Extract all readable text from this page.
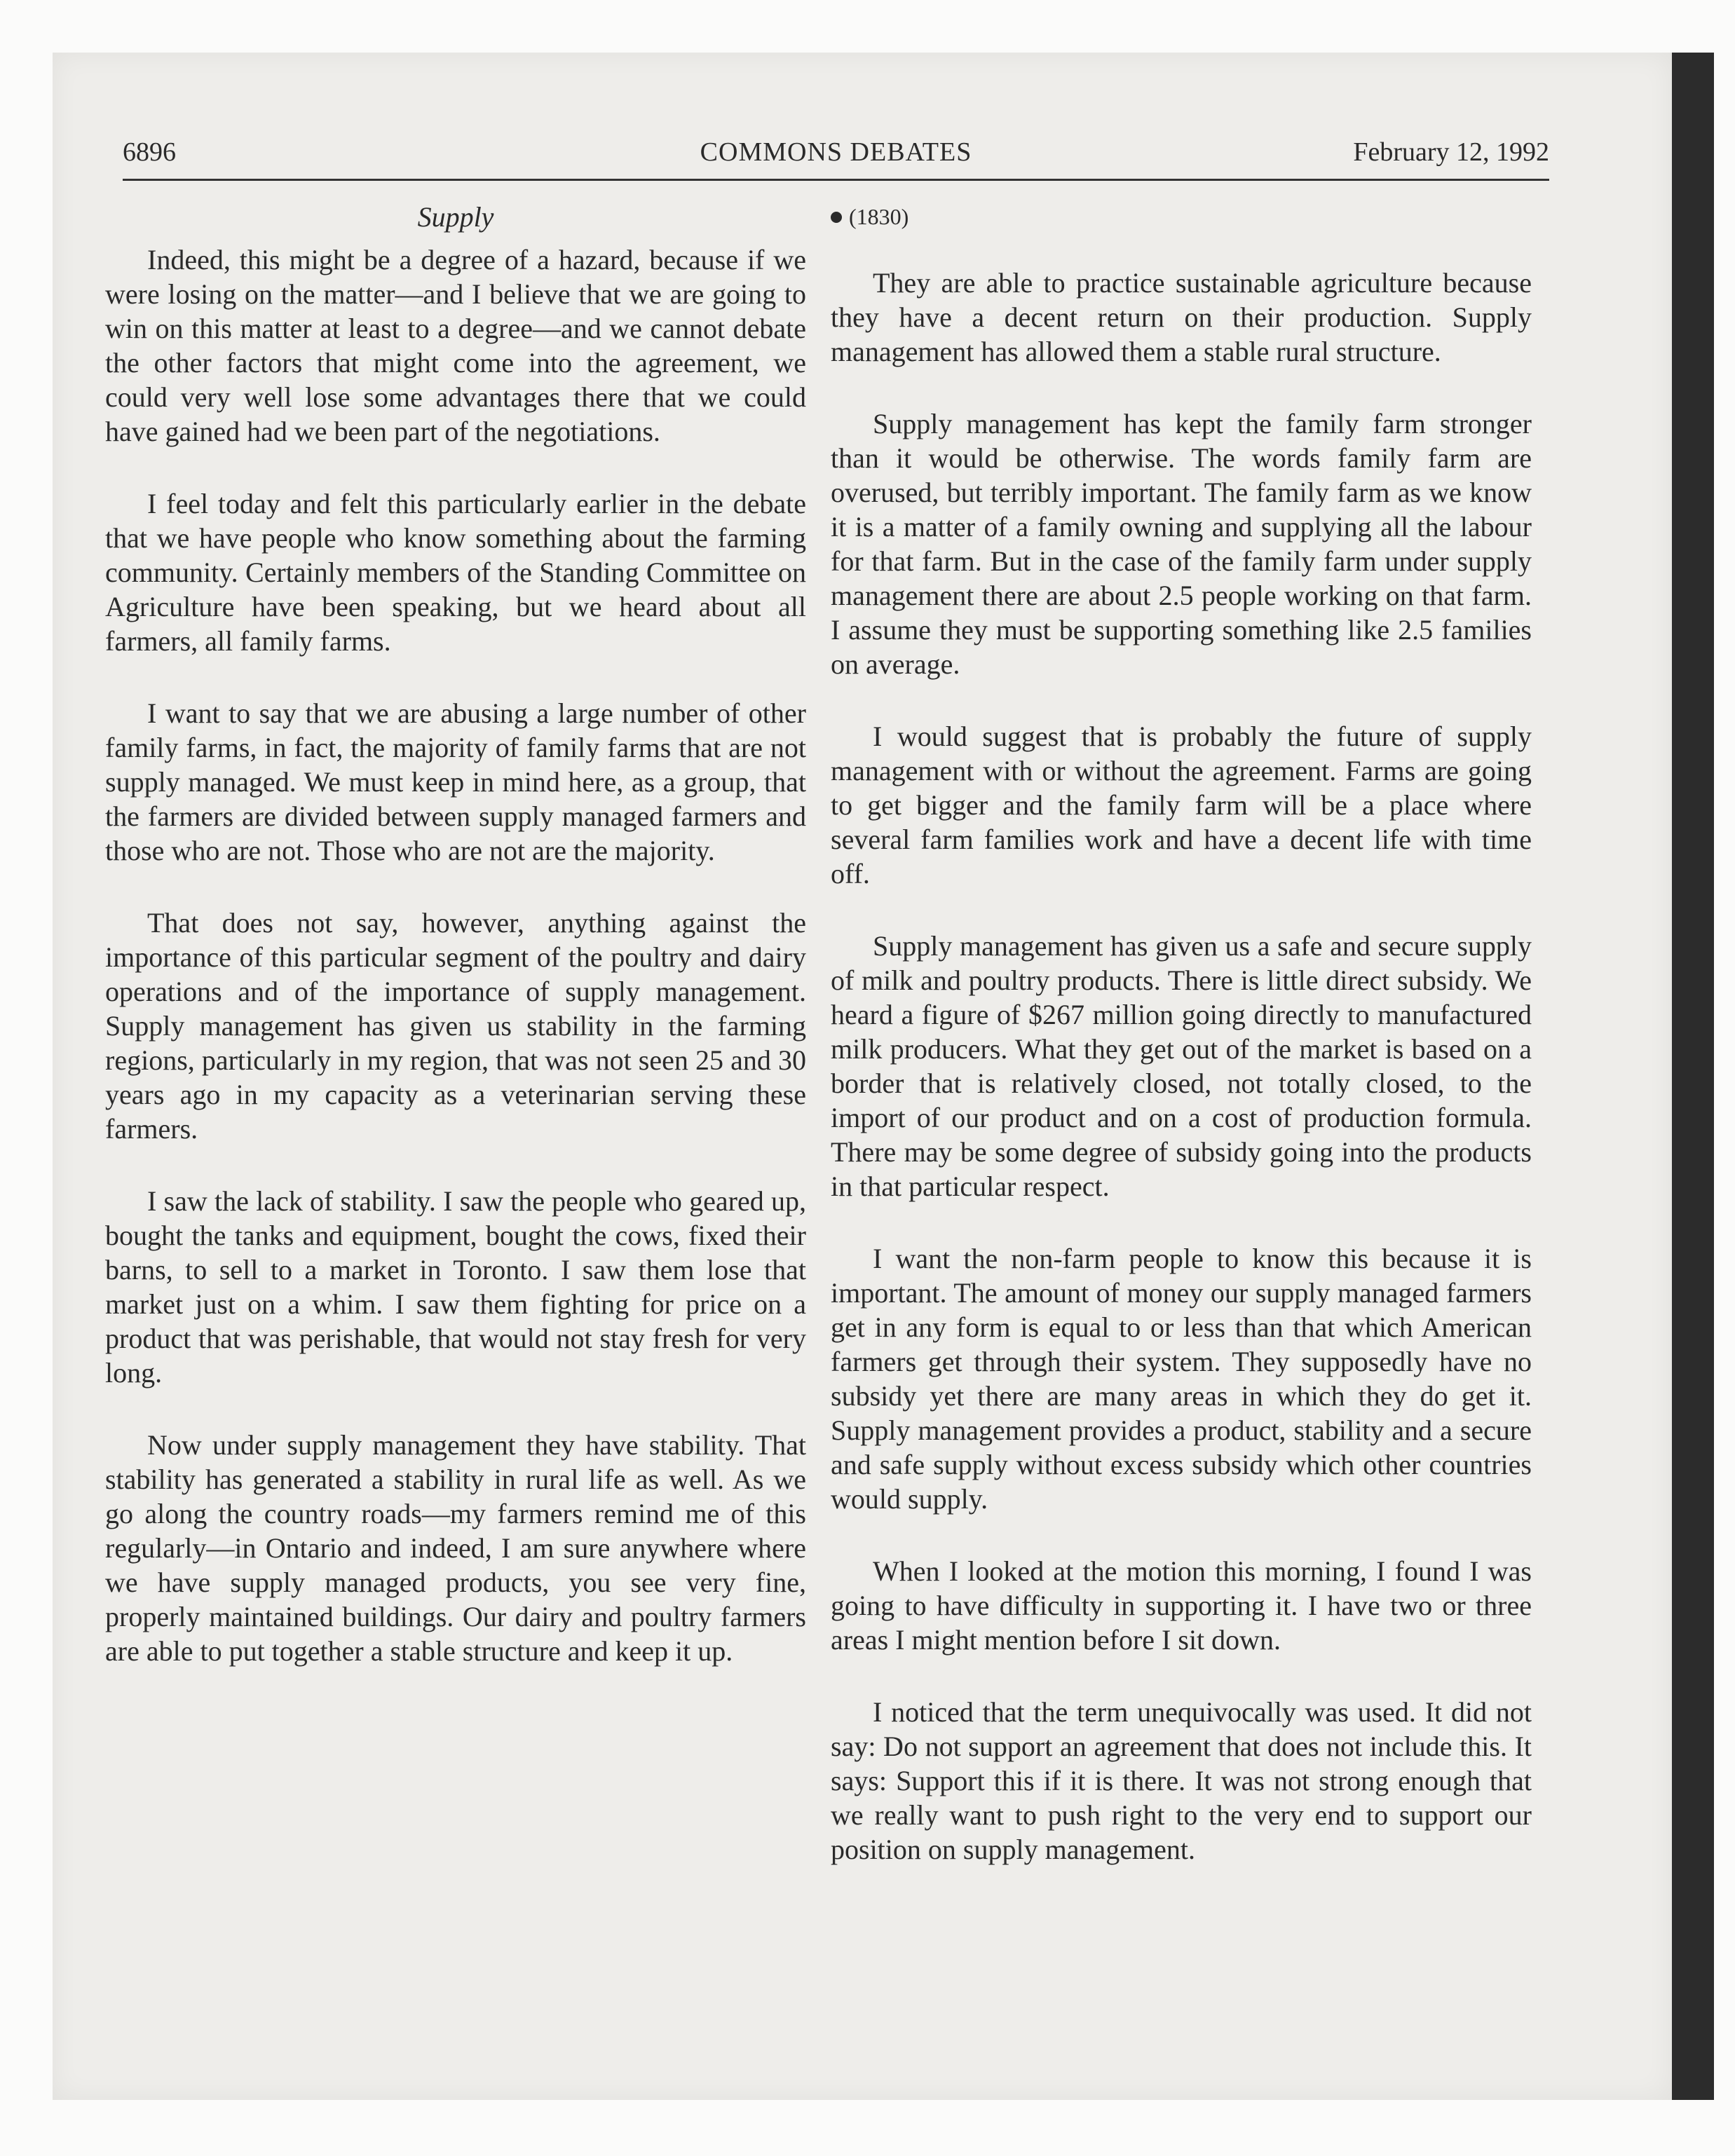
6896	COMMONS DEBATES	February 12, 1992
Supply

Indeed, this might be a degree of a hazard, because if we were losing on the matter—and I believe that we are going to win on this matter at least to a degree—and we cannot debate the other factors that might come into the agreement, we could very well lose some advantages there that we could have gained had we been part of the negotiations.

I feel today and felt this particularly earlier in the debate that we have people who know something about the farming community. Certainly members of the Standing Committee on Agriculture have been speaking, but we heard about all farmers, all family farms.

I want to say that we are abusing a large number of other family farms, in fact, the majority of family farms that are not supply managed. We must keep in mind here, as a group, that the farmers are divided between supply managed farmers and those who are not. Those who are not are the majority.

That does not say, however, anything against the importance of this particular segment of the poultry and dairy operations and of the importance of supply management. Supply management has given us stability in the farming regions, particularly in my region, that was not seen 25 and 30 years ago in my capacity as a veterinarian serving these farmers.

I saw the lack of stability. I saw the people who geared up, bought the tanks and equipment, bought the cows, fixed their barns, to sell to a market in Toronto. I saw them lose that market just on a whim. I saw them fighting for price on a product that was perishable, that would not stay fresh for very long.

Now under supply management they have stability. That stability has generated a stability in rural life as well. As we go along the country roads—my farmers remind me of this regularly—in Ontario and indeed, I am sure anywhere where we have supply managed products, you see very fine, properly maintained buildings. Our dairy and poultry farmers are able to put together a stable structure and keep it up.

(1830)

They are able to practice sustainable agriculture because they have a decent return on their production. Supply management has allowed them a stable rural structure.

Supply management has kept the family farm stronger than it would be otherwise. The words family farm are overused, but terribly important. The family farm as we know it is a matter of a family owning and supplying all the labour for that farm. But in the case of the family farm under supply management there are about 2.5 people working on that farm. I assume they must be supporting something like 2.5 families on average.

I would suggest that is probably the future of supply management with or without the agreement. Farms are going to get bigger and the family farm will be a place where several farm families work and have a decent life with time off.

Supply management has given us a safe and secure supply of milk and poultry products. There is little direct subsidy. We heard a figure of $267 million going directly to manufactured milk producers. What they get out of the market is based on a border that is relatively closed, not totally closed, to the import of our product and on a cost of production formula. There may be some degree of subsidy going into the products in that particular respect.

I want the non-farm people to know this because it is important. The amount of money our supply managed farmers get in any form is equal to or less than that which American farmers get through their system. They supposedly have no subsidy yet there are many areas in which they do get it. Supply management provides a product, stability and a secure and safe supply without excess subsidy which other countries would supply.

When I looked at the motion this morning, I found I was going to have difficulty in supporting it. I have two or three areas I might mention before I sit down.

I noticed that the term unequivocally was used. It did not say: Do not support an agreement that does not include this. It says: Support this if it is there. It was not strong enough that we really want to push right to the very end to support our position on supply management.
